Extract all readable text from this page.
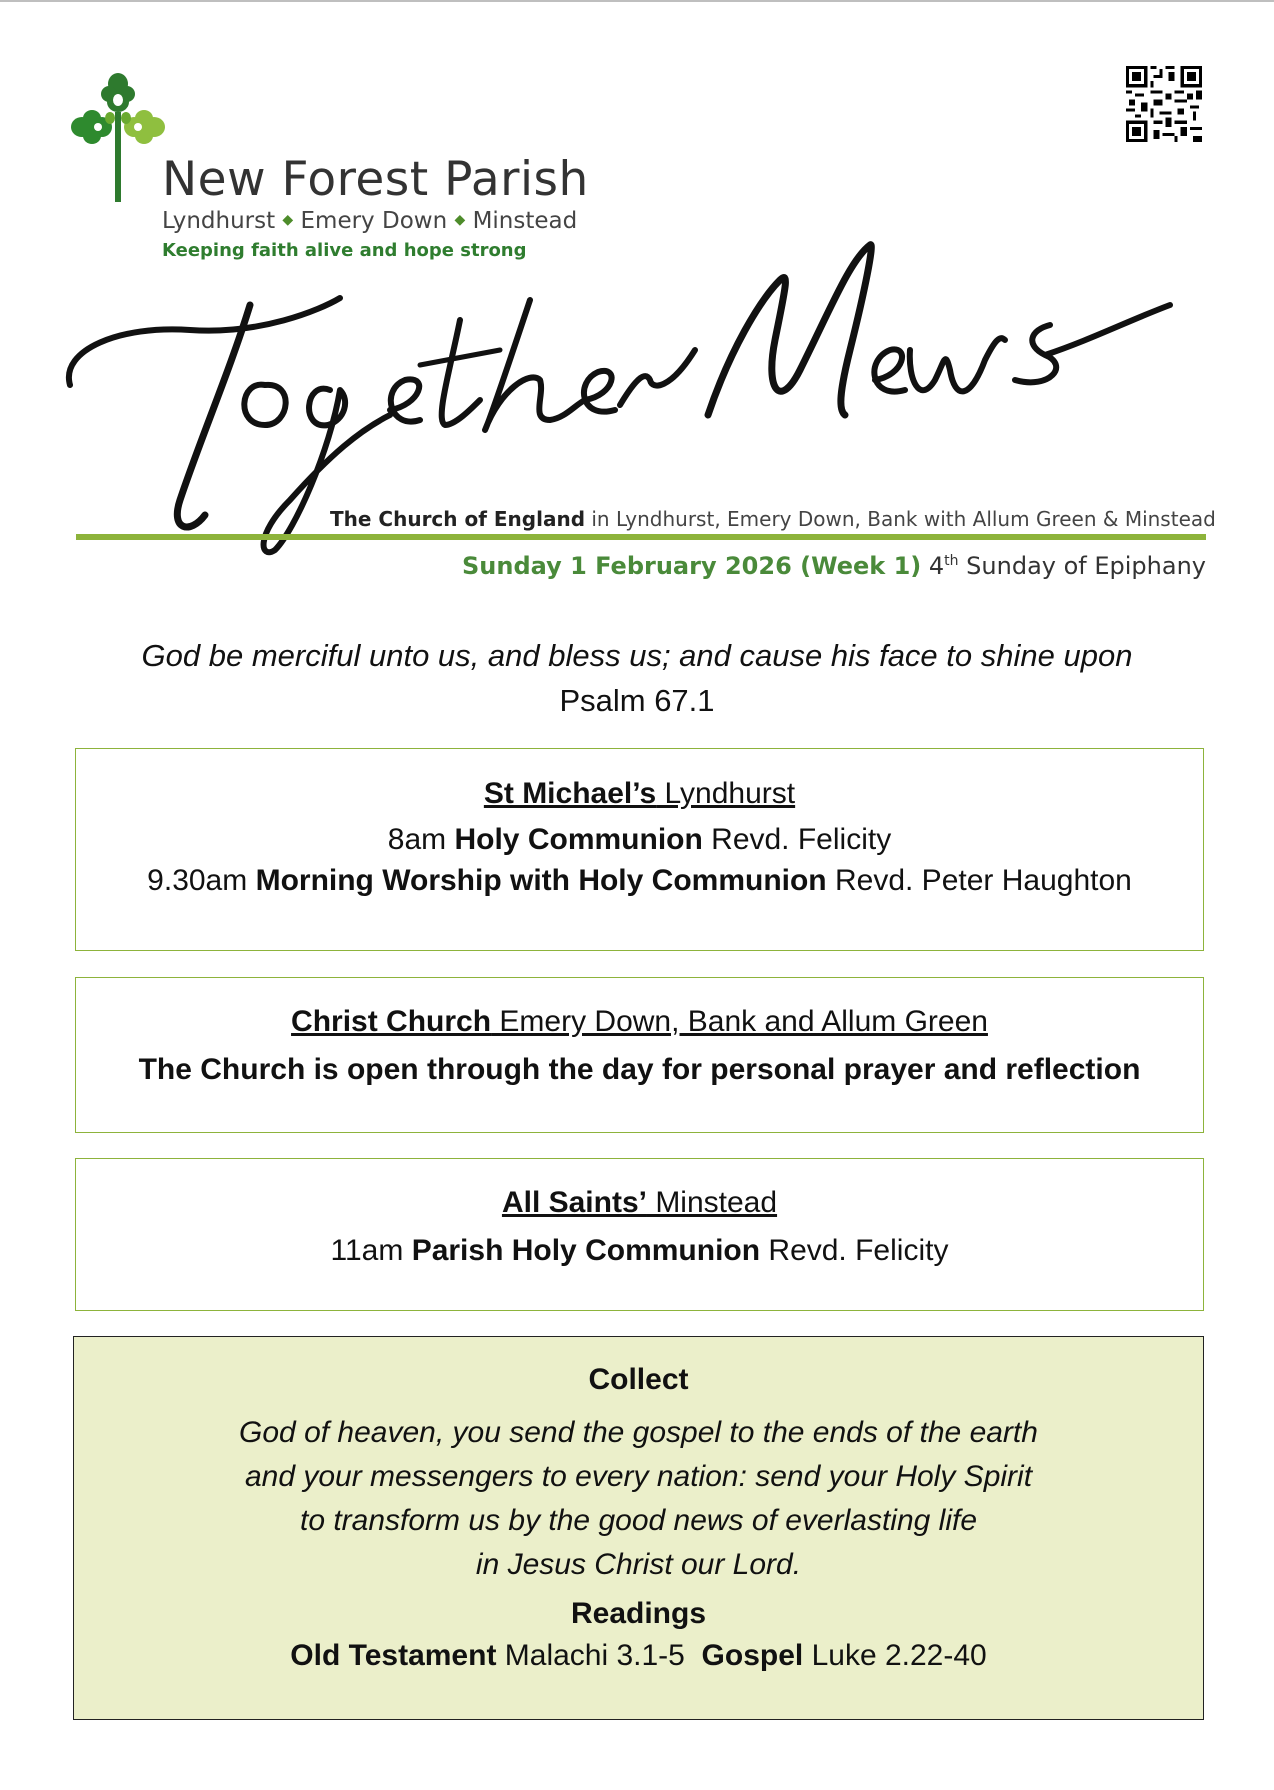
New Forest Parish
Lyndhurst ◆ Emery Down ◆ Minstead
Keeping faith alive and hope strong
The Church of England in Lyndhurst, Emery Down, Bank with Allum Green & Minstead
Sunday 1 February 2026 (Week 1) 4th Sunday of Epiphany
God be merciful unto us, and bless us; and cause his face to shine upon
Psalm 67.1
St Michael’s Lyndhurst
8am Holy Communion Revd. Felicity
9.30am Morning Worship with Holy Communion Revd. Peter Haughton
Christ Church Emery Down, Bank and Allum Green
The Church is open through the day for personal prayer and reflection
All Saints’ Minstead
11am Parish Holy Communion Revd. Felicity
Collect
God of heaven, you send the gospel to the ends of the earth
and your messengers to every nation: send your Holy Spirit
to transform us by the good news of everlasting life
in Jesus Christ our Lord.
Readings
Old Testament Malachi 3.1-5  Gospel Luke 2.22-40
